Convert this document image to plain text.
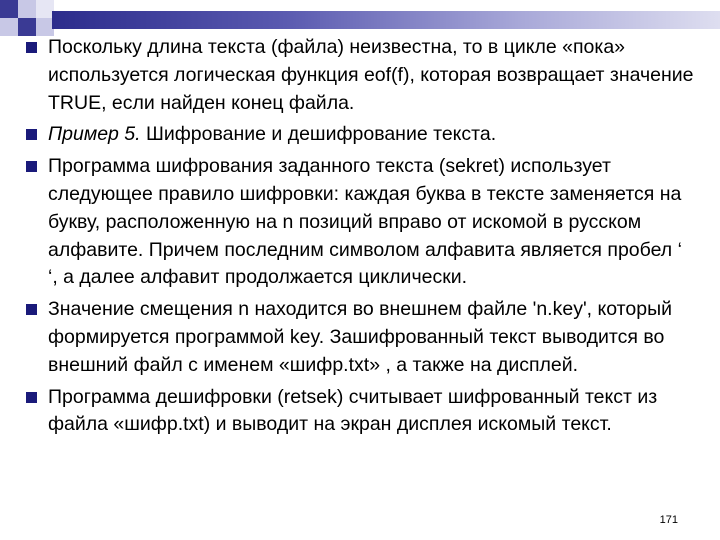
Поскольку длина текста (файла) неизвестна, то в цикле «пока» используется логическая функция eof(f), которая возвращает значение TRUE, если найден конец файла.
Пример 5. Шифрование и дешифрование текста.
Программа шифрования заданного текста (sekret) использует следующее правило шифровки: каждая буква в тексте заменяется на букву, расположенную на n позиций вправо от искомой в русском алфавите. Причем последним символом алфавита является пробел ‘ ‘, а далее алфавит продолжается циклически.
Значение смещения n находится во внешнем файле 'n.key', который формируется программой key. Зашифрованный текст выводится во внешний файл с именем «шифр.txt» , а также на дисплей.
Программа дешифровки (retsek) считывает шифрованный текст из файла «шифр.txt) и выводит на экран дисплея искомый текст.
171
